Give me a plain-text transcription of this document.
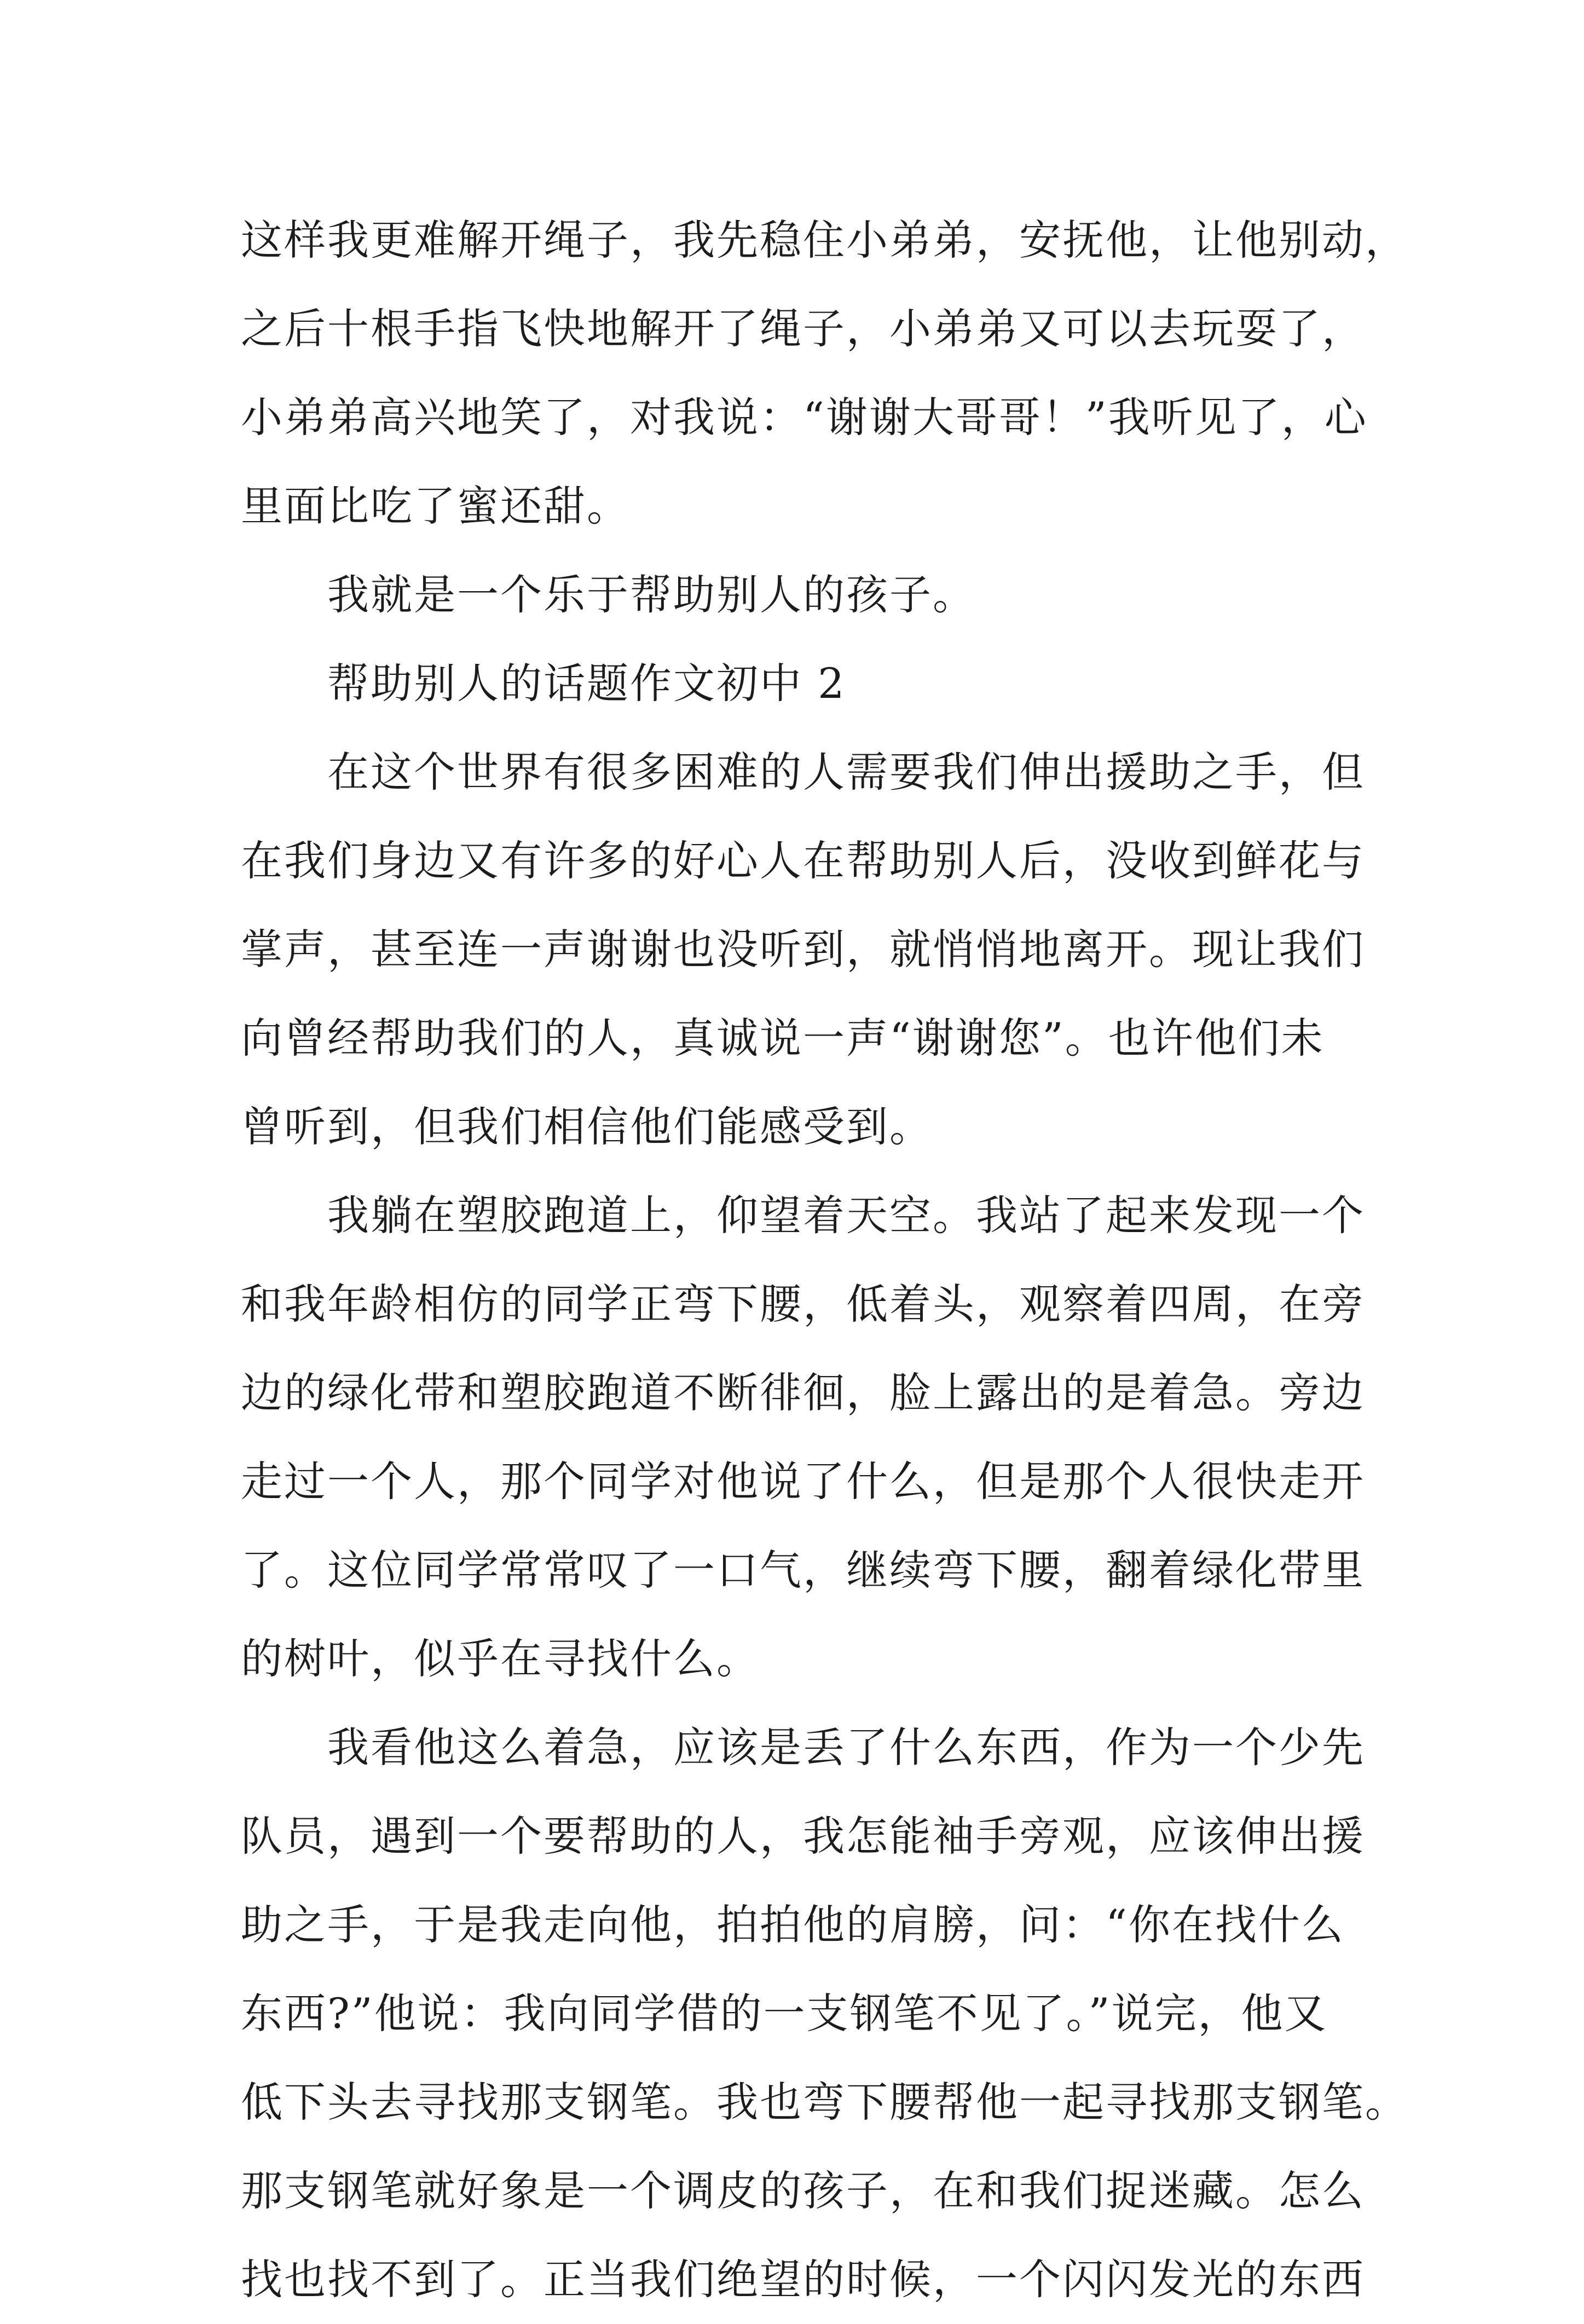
这样我更难解开绳子，我先稳住小弟弟，安抚他，让他别动，
之后十根手指飞快地解开了绳子，小弟弟又可以去玩耍了，
小弟弟高兴地笑了，对我说：“谢谢大哥哥！”我听见了，心
里面比吃了蜜还甜。
我就是一个乐于帮助别人的孩子。
帮助别人的话题作文初中 2
在这个世界有很多困难的人需要我们伸出援助之手，但
在我们身边又有许多的好心人在帮助别人后，没收到鲜花与
掌声，甚至连一声谢谢也没听到，就悄悄地离开。现让我们
向曾经帮助我们的人，真诚说一声“谢谢您”。也许他们未
曾听到，但我们相信他们能感受到。
我躺在塑胶跑道上，仰望着天空。我站了起来发现一个
和我年龄相仿的同学正弯下腰，低着头，观察着四周，在旁
边的绿化带和塑胶跑道不断徘徊，脸上露出的是着急。旁边
走过一个人，那个同学对他说了什么，但是那个人很快走开
了。这位同学常常叹了一口气，继续弯下腰，翻着绿化带里
的树叶，似乎在寻找什么。
我看他这么着急，应该是丢了什么东西，作为一个少先
队员，遇到一个要帮助的人，我怎能袖手旁观，应该伸出援
助之手，于是我走向他，拍拍他的肩膀，问：“你在找什么
东西?”他说：我向同学借的一支钢笔不见了。”说完，他又
低下头去寻找那支钢笔。我也弯下腰帮他一起寻找那支钢笔。
那支钢笔就好象是一个调皮的孩子，在和我们捉迷藏。怎么
找也找不到了。正当我们绝望的时候，一个闪闪发光的东西
